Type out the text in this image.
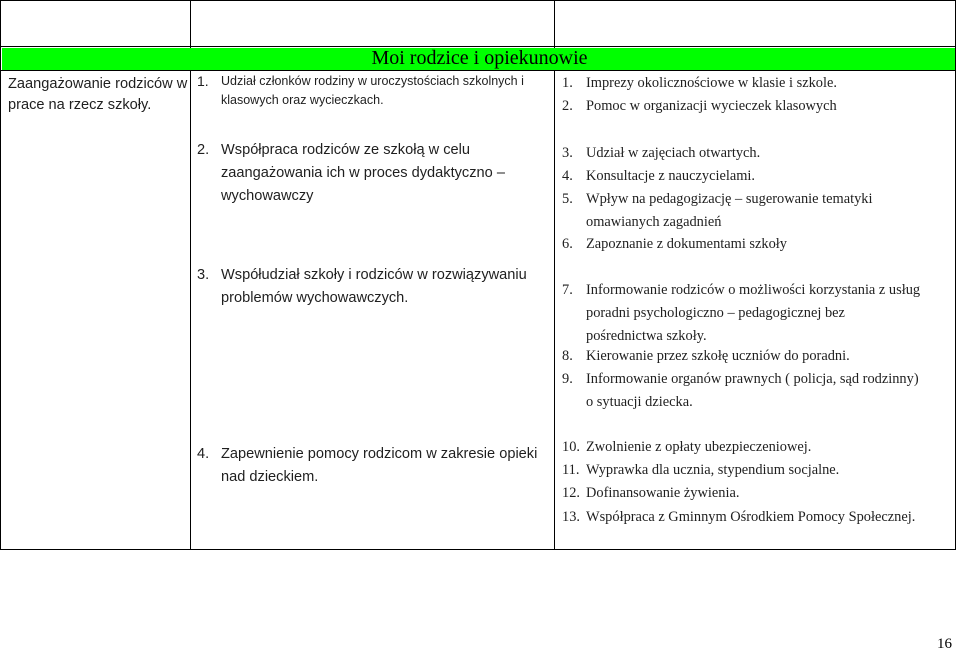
Moi rodzice i opiekunowie
Zaangażowanie rodziców w
prace na rzecz szkoły.
1. Udział członków rodziny w uroczystościach szkolnych i
klasowych oraz wycieczkach.
2. Współpraca rodziców ze szkołą w celu
zaangażowania ich w proces dydaktyczno –
wychowawczy
3. Współudział szkoły i rodziców w rozwiązywaniu
problemów wychowawczych.
4. Zapewnienie pomocy rodzicom w zakresie opieki
nad dzieckiem.
1. Imprezy okolicznościowe w klasie i szkole.
2. Pomoc w organizacji wycieczek klasowych
3. Udział w zajęciach otwartych.
4. Konsultacje z nauczycielami.
5. Wpływ na pedagogizację – sugerowanie tematyki
omawianych zagadnień
6. Zapoznanie z dokumentami szkoły
7. Informowanie rodziców o możliwości korzystania z usług
poradni psychologiczno – pedagogicznej bez
pośrednictwa szkoły.
8. Kierowanie przez szkołę uczniów do poradni.
9. Informowanie organów prawnych ( policja, sąd rodzinny)
o sytuacji dziecka.
10. Zwolnienie z opłaty ubezpieczeniowej.
11. Wyprawka dla ucznia, stypendium socjalne.
12. Dofinansowanie żywienia.
13. Współpraca z Gminnym Ośrodkiem Pomocy Społecznej.
16
